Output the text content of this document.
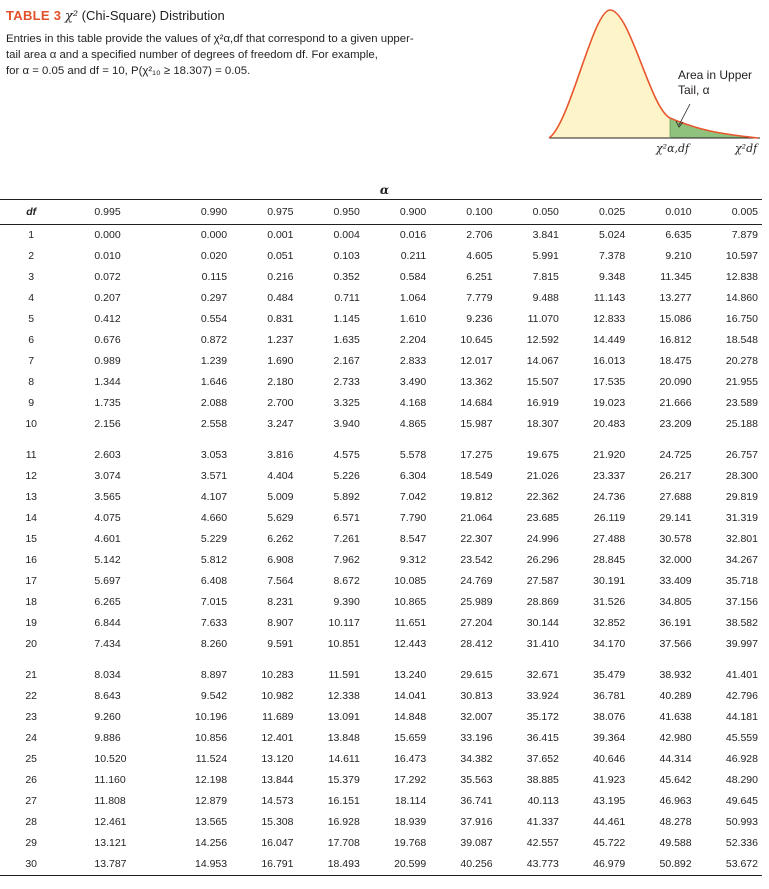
TABLE 3 χ² (Chi-Square) Distribution
Entries in this table provide the values of χ²α,df that correspond to a given upper-
tail area α and a specified number of degrees of freedom df. For example,
for α = 0.05 and df = 10, P(χ²₁₀ ≥ 18.307) = 0.05.	Area in Upper
Tail, α
χ²α,df	χ²df
α
df	0.995	0.990	0.975	0.950	0.900	0.100	0.050	0.025	0.010	0.005
1	0.000	0.000	0.001	0.004	0.016	2.706	3.841	5.024	6.635	7.879
2	0.010	0.020	0.051	0.103	0.211	4.605	5.991	7.378	9.210	10.597
3	0.072	0.115	0.216	0.352	0.584	6.251	7.815	9.348	11.345	12.838
4	0.207	0.297	0.484	0.711	1.064	7.779	9.488	11.143	13.277	14.860
5	0.412	0.554	0.831	1.145	1.610	9.236	11.070	12.833	15.086	16.750
6	0.676	0.872	1.237	1.635	2.204	10.645	12.592	14.449	16.812	18.548
7	0.989	1.239	1.690	2.167	2.833	12.017	14.067	16.013	18.475	20.278
8	1.344	1.646	2.180	2.733	3.490	13.362	15.507	17.535	20.090	21.955
9	1.735	2.088	2.700	3.325	4.168	14.684	16.919	19.023	21.666	23.589
10	2.156	2.558	3.247	3.940	4.865	15.987	18.307	20.483	23.209	25.188
11	2.603	3.053	3.816	4.575	5.578	17.275	19.675	21.920	24.725	26.757
12	3.074	3.571	4.404	5.226	6.304	18.549	21.026	23.337	26.217	28.300
13	3.565	4.107	5.009	5.892	7.042	19.812	22.362	24.736	27.688	29.819
14	4.075	4.660	5.629	6.571	7.790	21.064	23.685	26.119	29.141	31.319
15	4.601	5.229	6.262	7.261	8.547	22.307	24.996	27.488	30.578	32.801
16	5.142	5.812	6.908	7.962	9.312	23.542	26.296	28.845	32.000	34.267
17	5.697	6.408	7.564	8.672	10.085	24.769	27.587	30.191	33.409	35.718
18	6.265	7.015	8.231	9.390	10.865	25.989	28.869	31.526	34.805	37.156
19	6.844	7.633	8.907	10.117	11.651	27.204	30.144	32.852	36.191	38.582
20	7.434	8.260	9.591	10.851	12.443	28.412	31.410	34.170	37.566	39.997
21	8.034	8.897	10.283	11.591	13.240	29.615	32.671	35.479	38.932	41.401
22	8.643	9.542	10.982	12.338	14.041	30.813	33.924	36.781	40.289	42.796
23	9.260	10.196	11.689	13.091	14.848	32.007	35.172	38.076	41.638	44.181
24	9.886	10.856	12.401	13.848	15.659	33.196	36.415	39.364	42.980	45.559
25	10.520	11.524	13.120	14.611	16.473	34.382	37.652	40.646	44.314	46.928
26	11.160	12.198	13.844	15.379	17.292	35.563	38.885	41.923	45.642	48.290
27	11.808	12.879	14.573	16.151	18.114	36.741	40.113	43.195	46.963	49.645
28	12.461	13.565	15.308	16.928	18.939	37.916	41.337	44.461	48.278	50.993
29	13.121	14.256	16.047	17.708	19.768	39.087	42.557	45.722	49.588	52.336
30	13.787	14.953	16.791	18.493	20.599	40.256	43.773	46.979	50.892	53.672
